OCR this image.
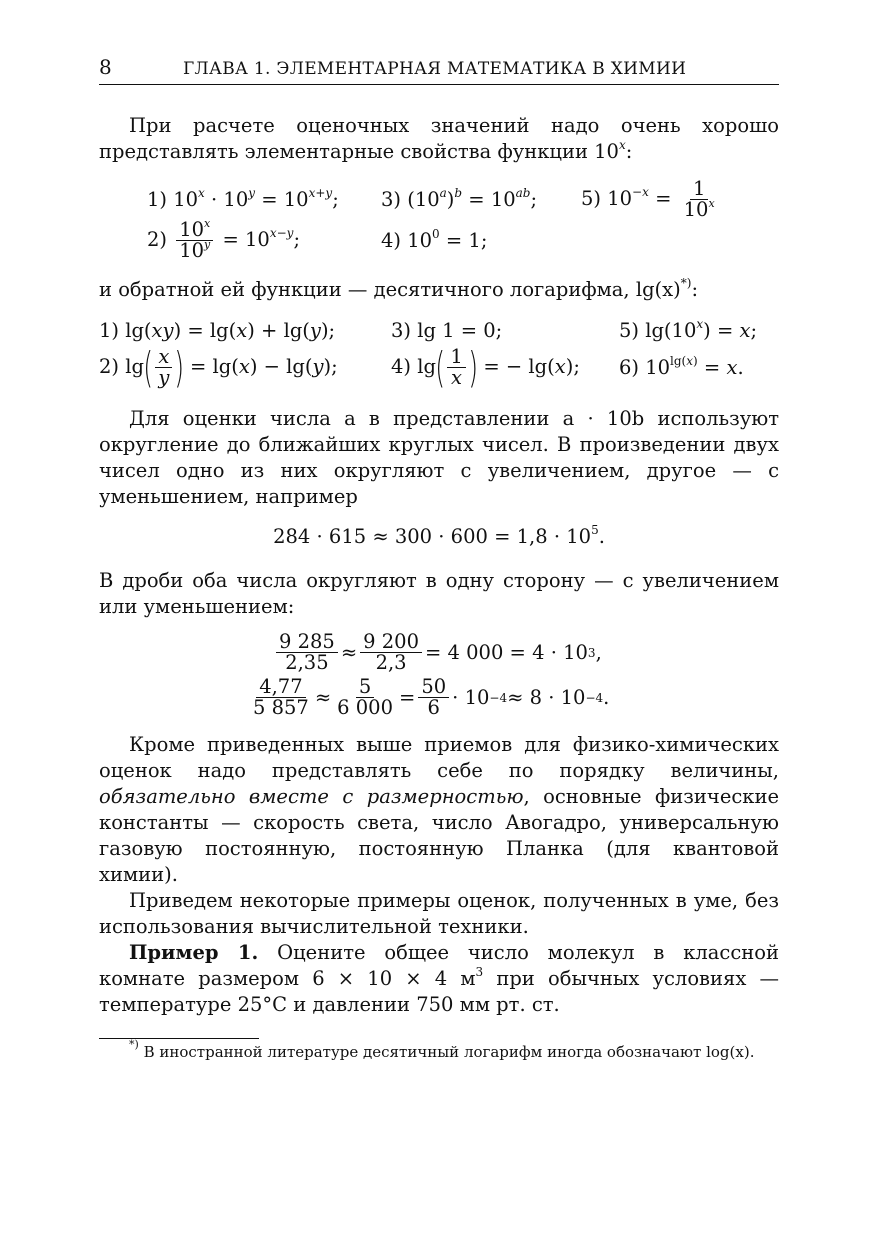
8	ГЛАВА 1. ЭЛЕМЕНТАРНАЯ МАТЕМАТИКА В ХИМИИ

При расчете оценочных значений надо очень хорошо представлять элементарные свойства функции 10$^x$:

1) $10^x \cdot 10^y = 10^{x+y}$;	3) $(10^a)^b = 10^{ab}$;	5) $10^{-x} = \frac{1}{10^x}$
$2) \frac{10^x}{10^y} = 10^{x-y}$;	4) $10^0 = 1$;

и обратной ей функции — десятичного логарифма, lg(x)*):

1) lg(xy) = lg(x) + lg(y);	3) lg 1 = 0;	5) $\lg(10^x) = x$;
2) $\lg( \frac{x}{y}$ ) = lg(x) − lg(y);	4) $\lg( \frac{1}{x}$ ) = − lg(x);	6) $10^{lg(x)} = x$.

Для оценки числа a в представлении a · 10b используют округление до ближайших круглых чисел. В произведении двух чисел одно из них округляют с увеличением, другое — с уменьшением, например

$284 \cdot 615 \approx 300 \cdot 600 = 1,8 \cdot 10^5$.

В дроби оба числа округляют в одну сторону — с увеличением или уменьшением:

$\frac{9 285}{2,35} \approx \frac{9 200}{2,3} = 4$ 000 = 4 · 10 3 ,
$\frac{4,77}{5 857} \approx \frac{5}{6 000} = \frac{50}{6} \cdot 10 -4 \approx 8 \cdot 10 -4$ .

Кроме приведенных выше приемов для физико-химических оценок надо представлять себе по порядку величины, обязательно вместе с размерностью, основные физические константы — скорость света, число Авогадро, универсальную газовую постоянную, постоянную Планка (для квантовой химии).

Приведем некоторые примеры оценок, полученных в уме, без использования вычислительной техники.

Пример 1. Оцените общее число молекул в классной комнате размером 6 × 10 × 4 $м^3$ при обычных условиях — температуре 25°C и давлении 750 мм рт. ст.

*) В иностранной литературе десятичный логарифм иногда обозначают log(x).
